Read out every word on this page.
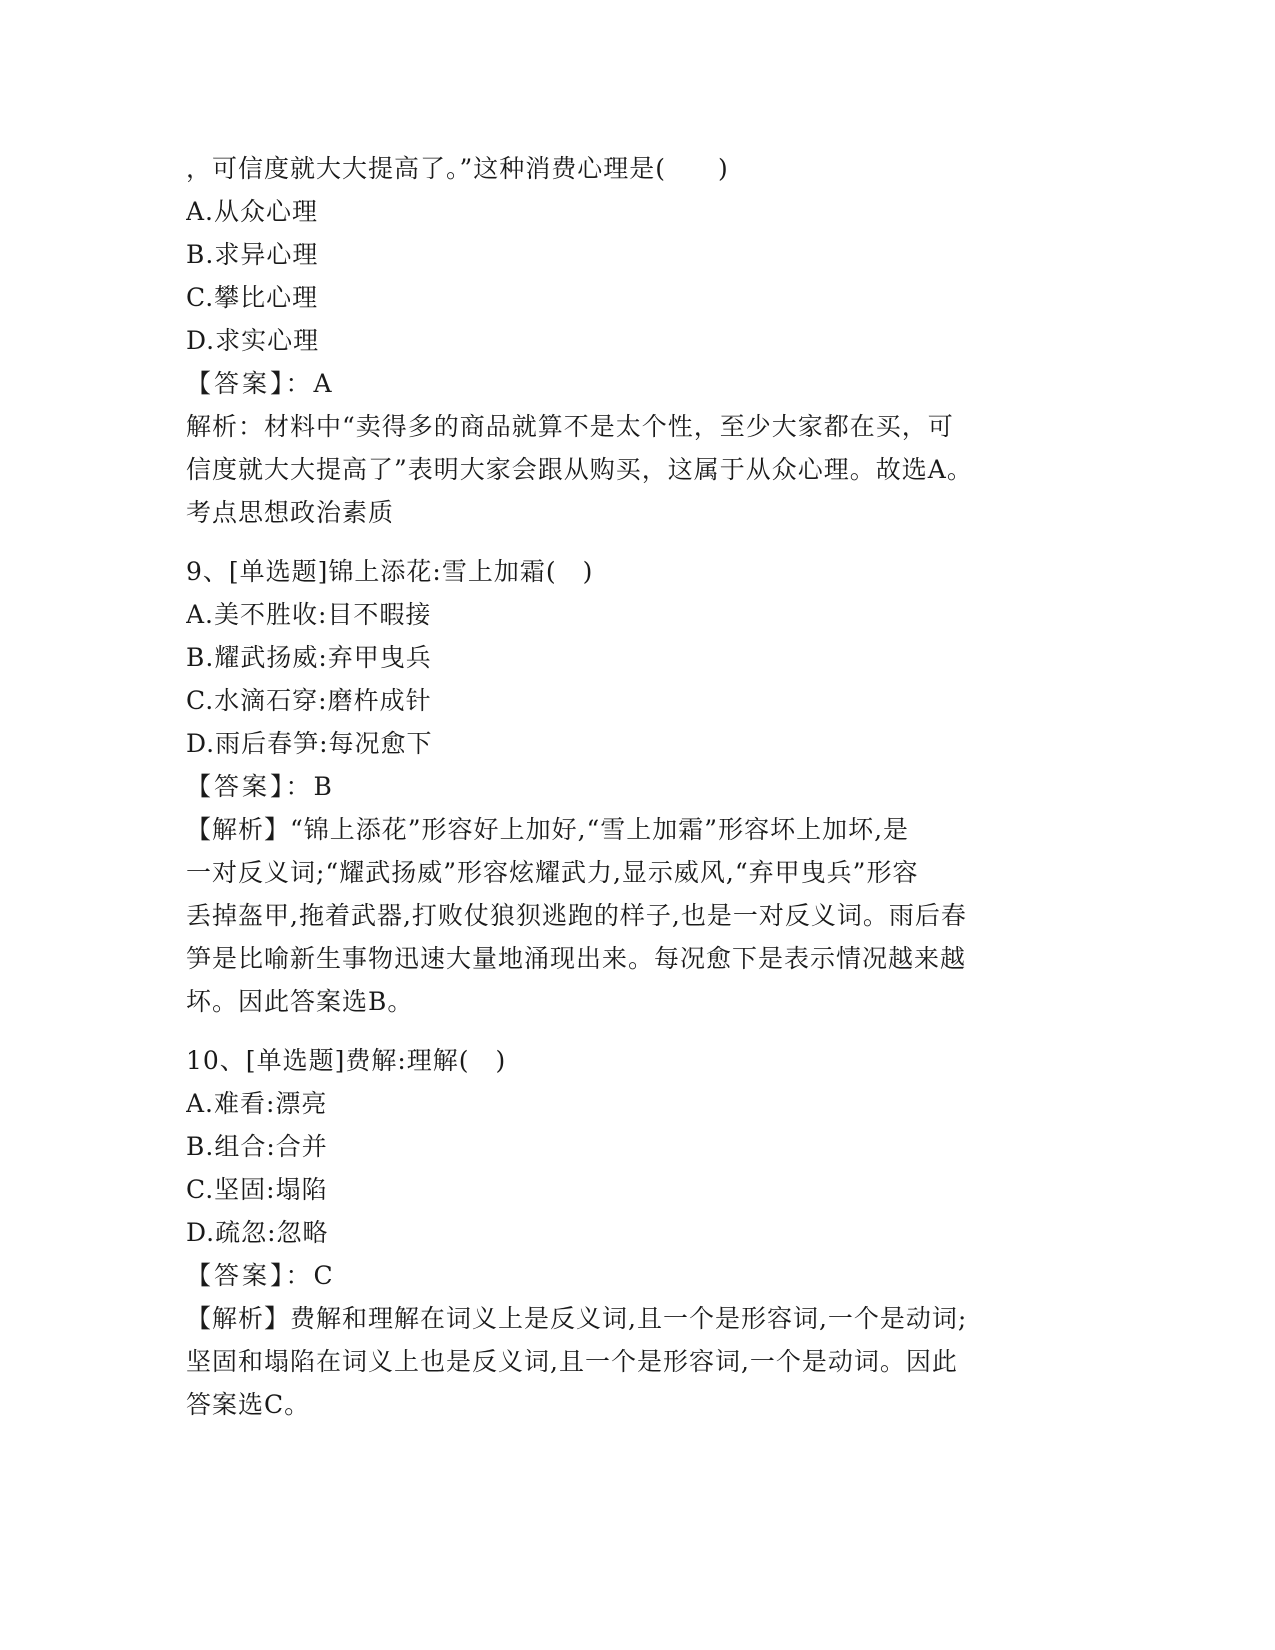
，可信度就大大提高了。”这种消费心理是(　　)
A.从众心理
B.求异心理
C.攀比心理
D.求实心理
【答案】：A
解析：材料中“卖得多的商品就算不是太个性，至少大家都在买，可
信度就大大提高了”表明大家会跟从购买，这属于从众心理。故选A。
考点思想政治素质
9、[单选题]锦上添花:雪上加霜(　)
A.美不胜收:目不暇接
B.耀武扬威:弃甲曳兵
C.水滴石穿:磨杵成针
D.雨后春笋:每况愈下
【答案】：B
【解析】“锦上添花”形容好上加好,“雪上加霜”形容坏上加坏,是
一对反义词;“耀武扬威”形容炫耀武力,显示威风,“弃甲曳兵”形容
丢掉盔甲,拖着武器,打败仗狼狈逃跑的样子,也是一对反义词。雨后春
笋是比喻新生事物迅速大量地涌现出来。每况愈下是表示情况越来越
坏。因此答案选B。
10、[单选题]费解:理解(　)
A.难看:漂亮
B.组合:合并
C.坚固:塌陷
D.疏忽:忽略
【答案】：C
【解析】费解和理解在词义上是反义词,且一个是形容词,一个是动词;
坚固和塌陷在词义上也是反义词,且一个是形容词,一个是动词。因此
答案选C。
